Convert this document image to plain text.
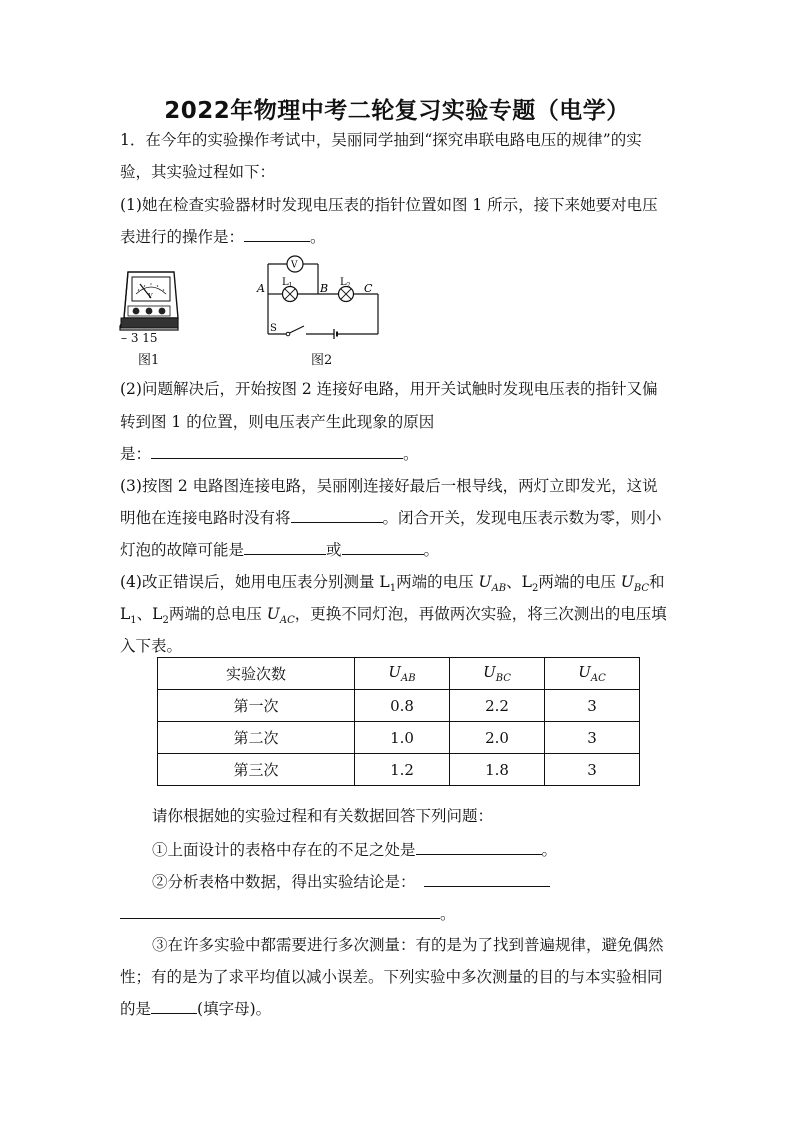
2022年物理中考二轮复习实验专题（电学）
1．在今年的实验操作考试中，吴丽同学抽到“探究串联电路电压的规律”的实
验，其实验过程如下：
(1)她在检查实验器材时发现电压表的指针位置如图 1 所示，接下来她要对电压
表进行的操作是：	。
V
– 3 15
图1
A	B	C
V
$L_1$	$L_2$
S
图2
(2)问题解决后，开始按图 2 连接好电路，用开关试触时发现电压表的指针又偏
转到图 1 的位置，则电压表产生此现象的原因
是：	。
(3)按图 2 电路图连接电路，吴丽刚连接好最后一根导线，两灯立即发光，这说
明他在连接电路时没有将	。闭合开关，发现电压表示数为零，则小
灯泡的故障可能是	或	。
(4)改正错误后，她用电压表分别测量 $L_1$两端的电压 $U_{AB}$、$L_2$两端的电压 $U_{BC}$和
$L_1$、$L_2$两端的总电压 $U_{AC}$，更换不同灯泡，再做两次实验，将三次测出的电压填
入下表。
实验次数	$U_{AB}$	$U_{BC}$	$U_{AC}$
第一次	0.8	2.2	3
第二次	1.0	2.0	3
第三次	1.2	1.8	3
请你根据她的实验过程和有关数据回答下列问题：
①上面设计的表格中存在的不足之处是	。
②分析表格中数据，得出实验结论是：
。
③在许多实验中都需要进行多次测量：有的是为了找到普遍规律，避免偶然
性；有的是为了求平均值以减小误差。下列实验中多次测量的目的与本实验相同
的是	(填字母)。
